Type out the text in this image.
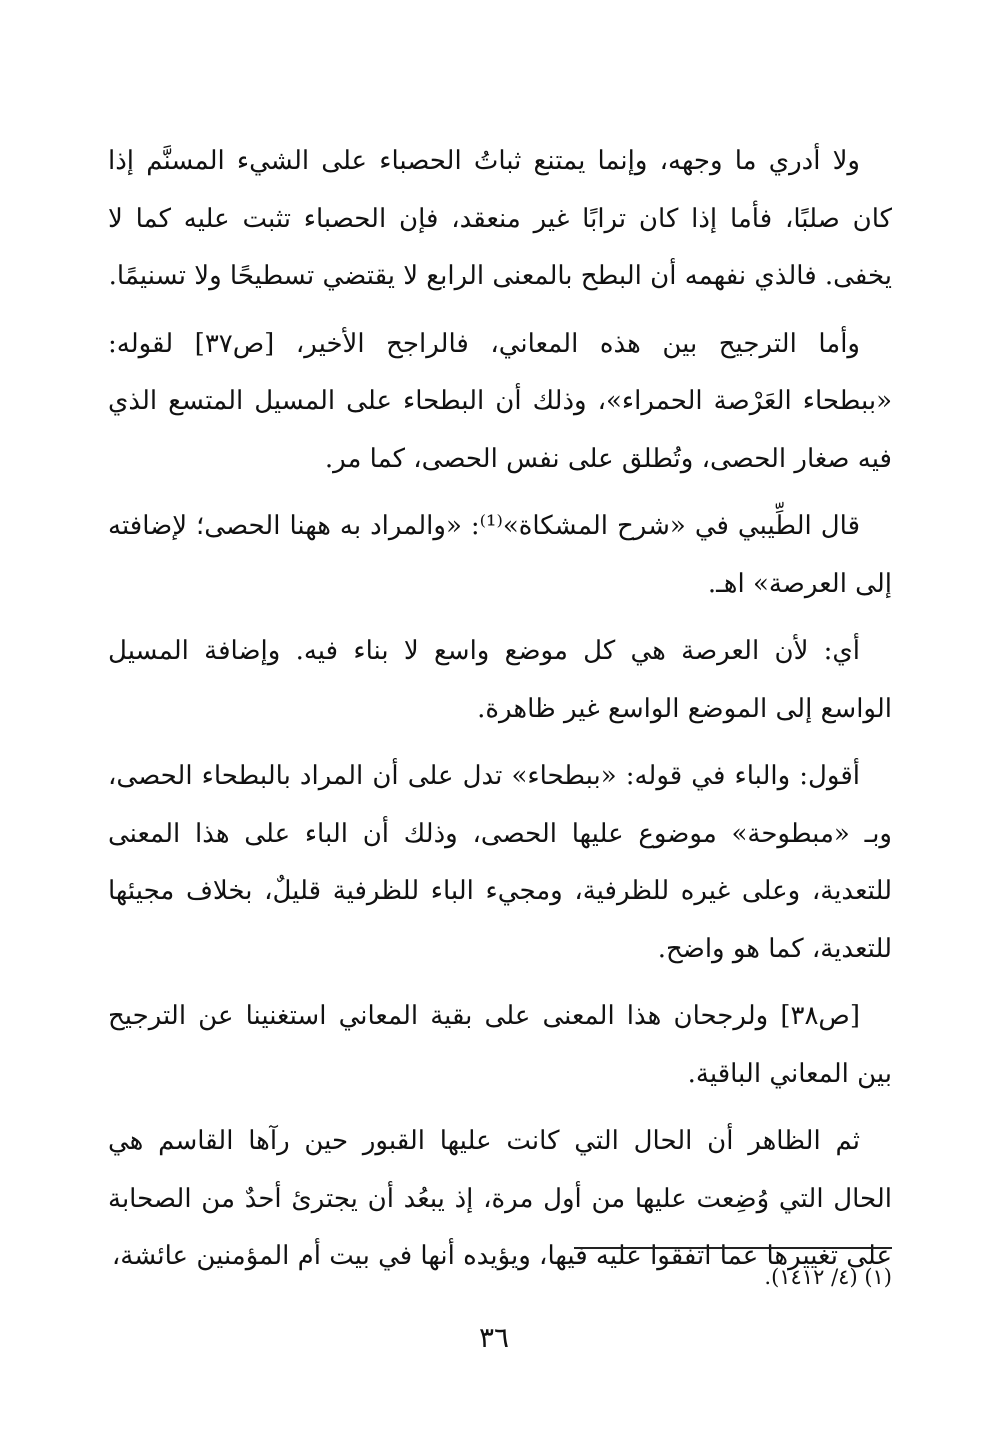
ولا أدري ما وجهه، وإنما يمتنع ثباتُ الحصباء على الشيء المسنَّم إذا
كان صلبًا، فأما إذا كان ترابًا غير منعقد، فإن الحصباء تثبت عليه كما لا
يخفى. فالذي نفهمه أن البطح بالمعنى الرابع لا يقتضي تسطيحًا ولا تسنيمًا.

وأما الترجيح بين هذه المعاني، فالراجح الأخير، [ص٣٧] لقوله:
«ببطحاء العَرْصة الحمراء»، وذلك أن البطحاء على المسيل المتسع الذي
فيه صغار الحصى، وتُطلق على نفس الحصى، كما مر.

قال الطِّيبي في «شرح المشكاة»⁽¹⁾: «والمراد به ههنا الحصى؛ لإضافته
إلى العرصة» اهـ.

أي: لأن العرصة هي كل موضع واسع لا بناء فيه. وإضافة المسيل
الواسع إلى الموضع الواسع غير ظاهرة.

أقول: والباء في قوله: «ببطحاء» تدل على أن المراد بالبطحاء الحصى،
وبـ «مبطوحة» موضوع عليها الحصى، وذلك أن الباء على هذا المعنى
للتعدية، وعلى غيره للظرفية، ومجيء الباء للظرفية قليلٌ، بخلاف مجيئها
للتعدية، كما هو واضح.

[ص٣٨] ولرجحان هذا المعنى على بقية المعاني استغنينا عن الترجيح
بين المعاني الباقية.

ثم الظاهر أن الحال التي كانت عليها القبور حين رآها القاسم هي
الحال التي وُضِعت عليها من أول مرة، إذ يبعُد أن يجترئ أحدٌ من الصحابة
على تغييرها عما اتفقوا عليه فيها، ويؤيده أنها في بيت أم المؤمنين عائشة،

(١) (٤/ ١٤١٢).
٣٦
